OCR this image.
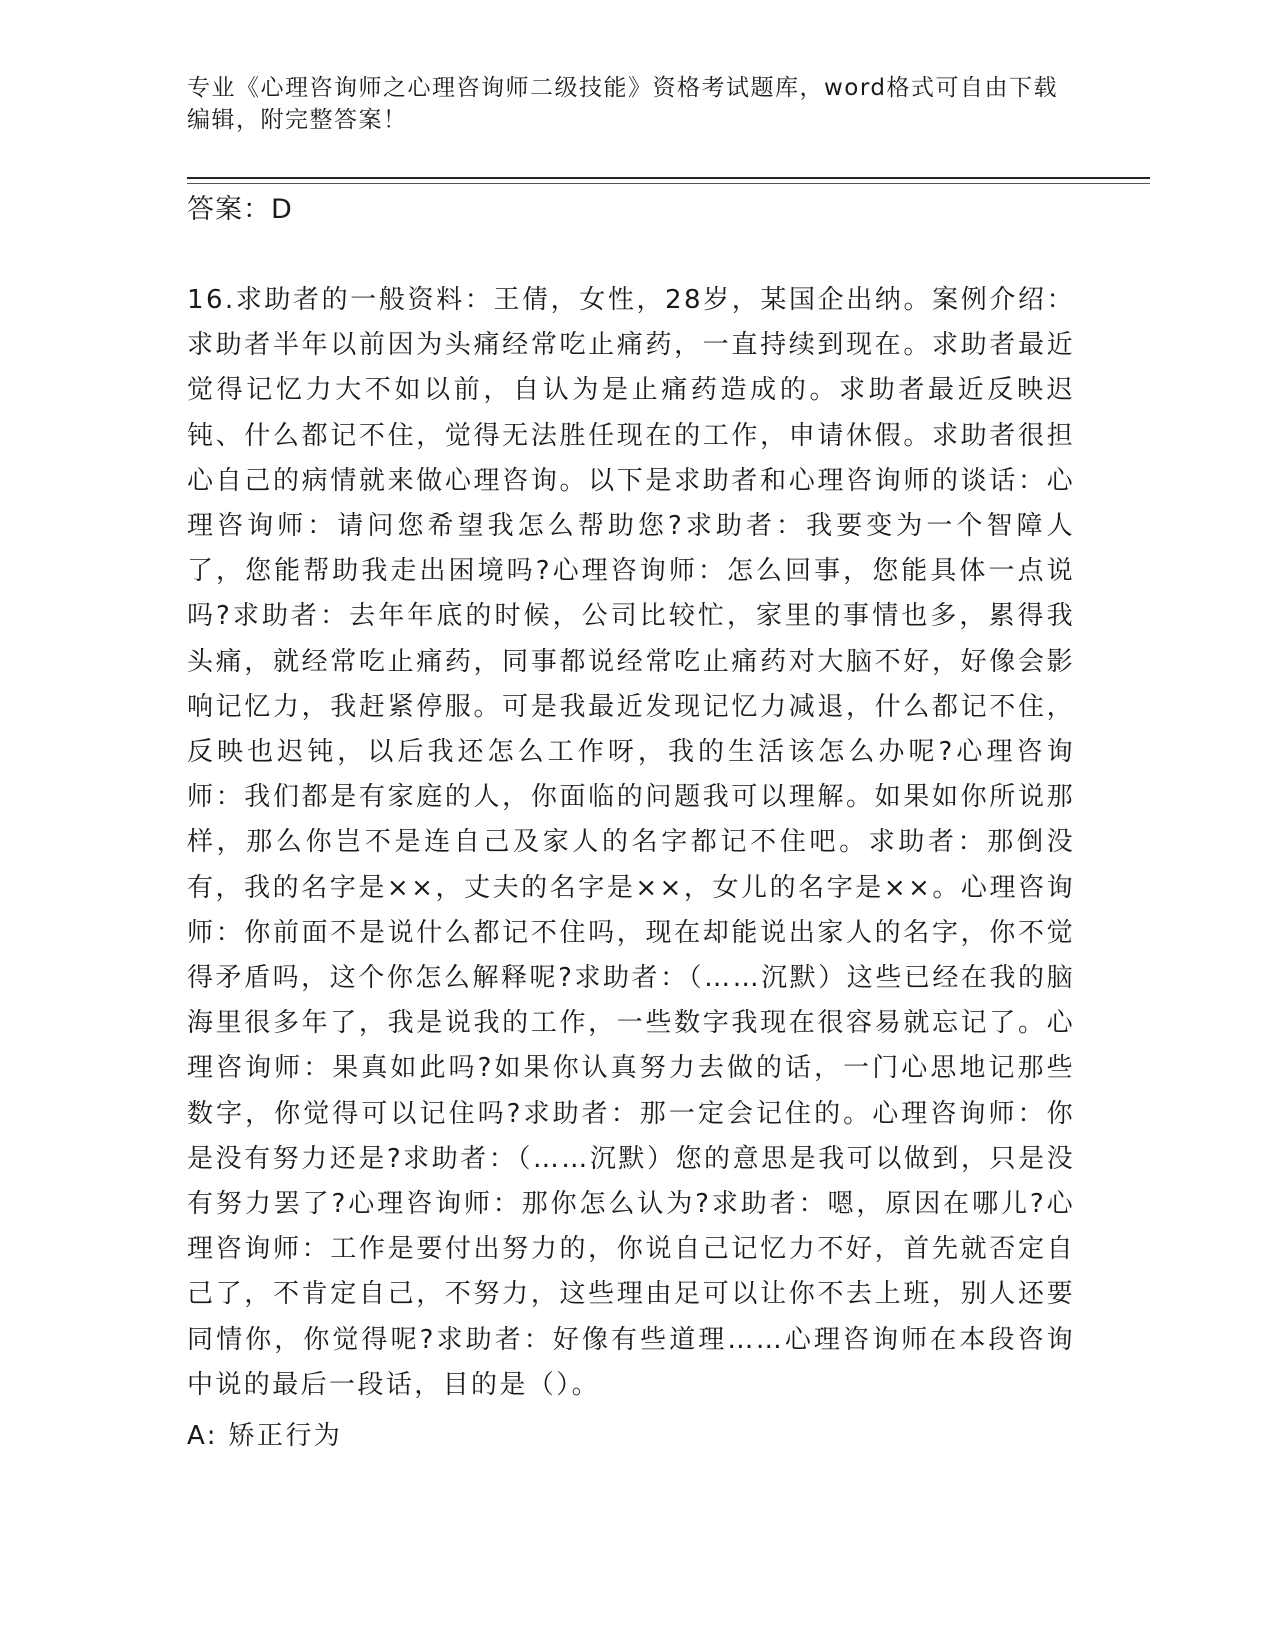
专业《心理咨询师之心理咨询师二级技能》资格考试题库，word格式可自由下载编辑，附完整答案！
答案：D
16.求助者的一般资料：王倩，女性，28岁，某国企出纳。案例介绍：求助者半年以前因为头痛经常吃止痛药，一直持续到现在。求助者最近觉得记忆力大不如以前，自认为是止痛药造成的。求助者最近反映迟钝、什么都记不住，觉得无法胜任现在的工作，申请休假。求助者很担心自己的病情就来做心理咨询。以下是求助者和心理咨询师的谈话：心理咨询师：请问您希望我怎么帮助您?求助者：我要变为一个智障人了，您能帮助我走出困境吗?心理咨询师：怎么回事，您能具体一点说吗?求助者：去年年底的时候，公司比较忙，家里的事情也多，累得我头痛，就经常吃止痛药，同事都说经常吃止痛药对大脑不好，好像会影响记忆力，我赶紧停服。可是我最近发现记忆力减退，什么都记不住，反映也迟钝，以后我还怎么工作呀，我的生活该怎么办呢?心理咨询师：我们都是有家庭的人，你面临的问题我可以理解。如果如你所说那样，那么你岂不是连自己及家人的名字都记不住吧。求助者：那倒没有，我的名字是××，丈夫的名字是××，女儿的名字是××。心理咨询师：你前面不是说什么都记不住吗，现在却能说出家人的名字，你不觉得矛盾吗，这个你怎么解释呢?求助者：（……沉默）这些已经在我的脑海里很多年了，我是说我的工作，一些数字我现在很容易就忘记了。心理咨询师：果真如此吗?如果你认真努力去做的话，一门心思地记那些数字，你觉得可以记住吗?求助者：那一定会记住的。心理咨询师：你是没有努力还是?求助者：（……沉默）您的意思是我可以做到，只是没有努力罢了?心理咨询师：那你怎么认为?求助者：嗯，原因在哪儿?心理咨询师：工作是要付出努力的，你说自己记忆力不好，首先就否定自己了，不肯定自己，不努力，这些理由足可以让你不去上班，别人还要同情你，你觉得呢?求助者：好像有些道理……心理咨询师在本段咨询中说的最后一段话，目的是（）。
A: 矫正行为
